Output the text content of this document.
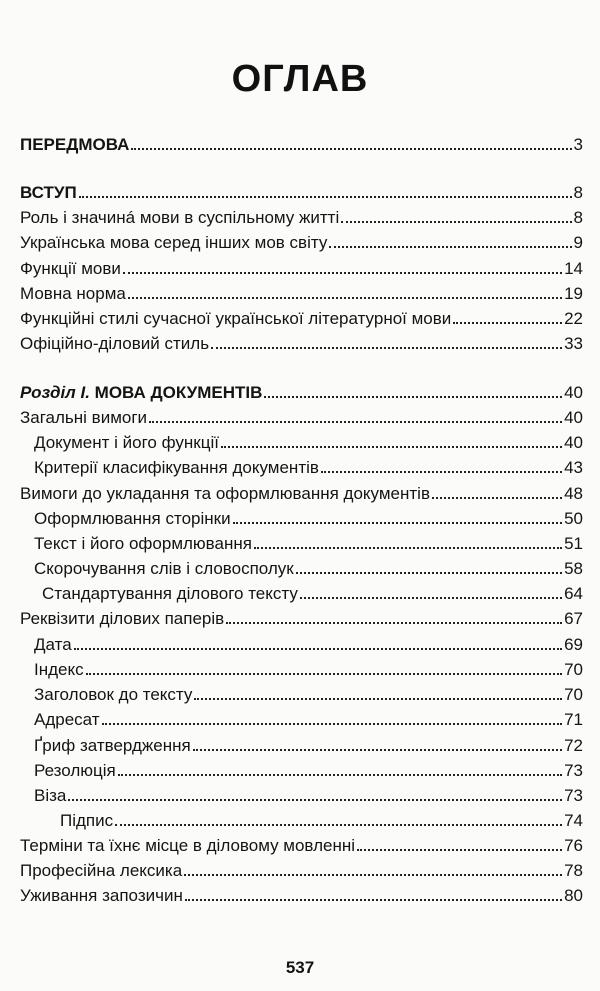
ОГЛАВ
ПЕРЕДМОВА	3
ВСТУП	8
Роль і значинá мови в суспільному житті	8
Українська мова серед інших мов світу	9
Функції мови	14
Мовна норма	19
Функційні стилі сучасної української літературної мови	22
Офіційно-діловий стиль	33
Розділ I. МОВА ДОКУМЕНТІВ	40
Загальні вимоги	40
Документ і його функції	40
Критерії класифікування документів	43
Вимоги до укладання та оформлювання документів	48
Оформлювання сторінки	50
Текст і його оформлювання	51
Скорочування слів і словосполук	58
Стандартування ділового тексту	64
Реквізити ділових паперів	67
Дата	69
Індекс	70
Заголовок до тексту	70
Адресат	71
Ґриф затвердження	72
Резолюція	73
Віза	73
Підпис	74
Терміни та їхнє місце в діловому мовленні	76
Професійна лексика	78
Уживання запозичин	80
537
